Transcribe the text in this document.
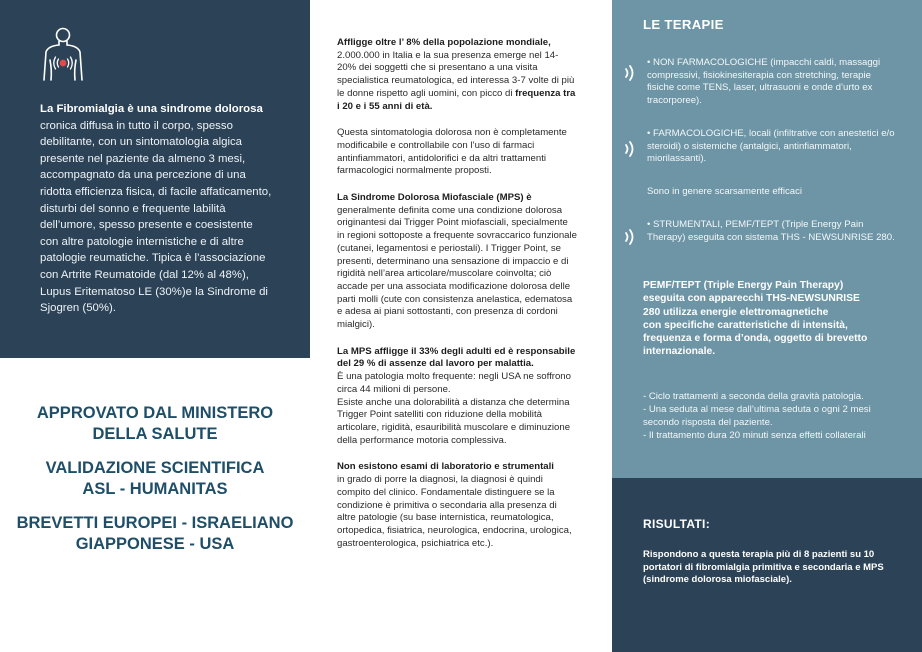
La Fibromialgia è una sindrome dolorosa cronica diffusa in tutto il corpo, spesso debilitante, con un sintomatologia algica presente nel paziente da almeno 3 mesi, accompagnato da una percezione di una ridotta efficienza fisica, di facile affaticamento, disturbi del sonno e frequente labilità dell’umore, spesso presente e coesistente con altre patologie internistiche e di altre patologie reumatiche. Tipica è l’associazione con Artrite Reumatoide (dal 12% al 48%), Lupus Eritematoso LE (30%)e la Sindrome di Sjogren (50%).
APPROVATO DAL MINISTERO
DELLA SALUTE
VALIDAZIONE SCIENTIFICA
ASL - HUMANITAS
BREVETTI EUROPEI - ISRAELIANO
GIAPPONESE - USA

Affligge oltre l’ 8% della popolazione mondiale,
2.000.000 in Italia e la sua presenza emerge nel 14-20% dei soggetti che si presentano a una visita specialistica reumatologica, ed interessa 3-7 volte di più le donne rispetto agli uomini, con picco di frequenza tra i 20 e i 55 anni di età.

Questa sintomatologia dolorosa non è completamente modificabile e controllabile con l’uso di farmaci antinfiammatori, antidolorifici e da altri trattamenti farmacologici normalmente proposti.

La Sindrome Dolorosa Miofasciale (MPS) è
generalmente definita come una condizione dolorosa originantesi dai Trigger Point miofasciali, specialmente in regioni sottoposte a frequente sovraccarico funzionale (cutanei, legamentosi e periostali). I Trigger Point, se presenti, determinano una sensazione di impaccio e di rigidità nell’area articolare/muscolare coinvolta; ciò accade per una associata modificazione dolorosa delle parti molli (cute con consistenza anelastica, edematosa e adesa ai piani sottostanti, con presenza di cordoni mialgici).

La MPS affligge il 33% degli adulti ed è responsabile del 29 % di assenze dal lavoro per malattia.
È una patologia molto frequente: negli USA ne soffrono circa 44 milioni di persone.
Esiste anche una dolorabilità a distanza che determina Trigger Point satelliti con riduzione della mobilità articolare, rigidità, esauribilità muscolare e diminuzione della performance motoria complessiva.

Non esistono esami di laboratorio e strumentali
in grado di porre la diagnosi, la diagnosi è quindi compito del clinico. Fondamentale distinguere se la condizione è primitiva o secondaria alla presenza di altre patologie (su base internistica, reumatologica, ortopedica, fisiatrica, neurologica, endocrina, urologica, gastroenterologica, psichiatrica etc.).

LE TERAPIE
• NON FARMACOLOGICHE (impacchi caldi, massaggi compressivi, fisiokinesiterapia con stretching, terapie fisiche come TENS, laser, ultrasuoni e onde d’urto ex tracorporee).
• FARMACOLOGICHE, locali (infiltrative con anestetici e/o steroidi) o sistemiche (antalgici, antinfiammatori, miorilassanti).
Sono in genere scarsamente efficaci
• STRUMENTALI, PEMF/TEPT (Triple Energy Pain Therapy) eseguita con sistema THS - NEWSUNRISE 280.
PEMF/TEPT (Triple Energy Pain Therapy)
eseguita con apparecchi THS-NEWSUNRISE
280 utilizza energie elettromagnetiche
con specifiche caratteristiche di intensità,
frequenza e forma d’onda, oggetto di brevetto
internazionale.
- Ciclo trattamenti a seconda della gravità patologia.
- Una seduta al mese dall’ultima seduta o ogni 2 mesi secondo risposta del paziente.
- Il trattamento dura 20 minuti senza effetti collaterali
RISULTATI:
Rispondono a questa terapia più di 8 pazienti su 10 portatori di fibromialgia primitiva e secondaria e MPS (sindrome dolorosa miofasciale).
